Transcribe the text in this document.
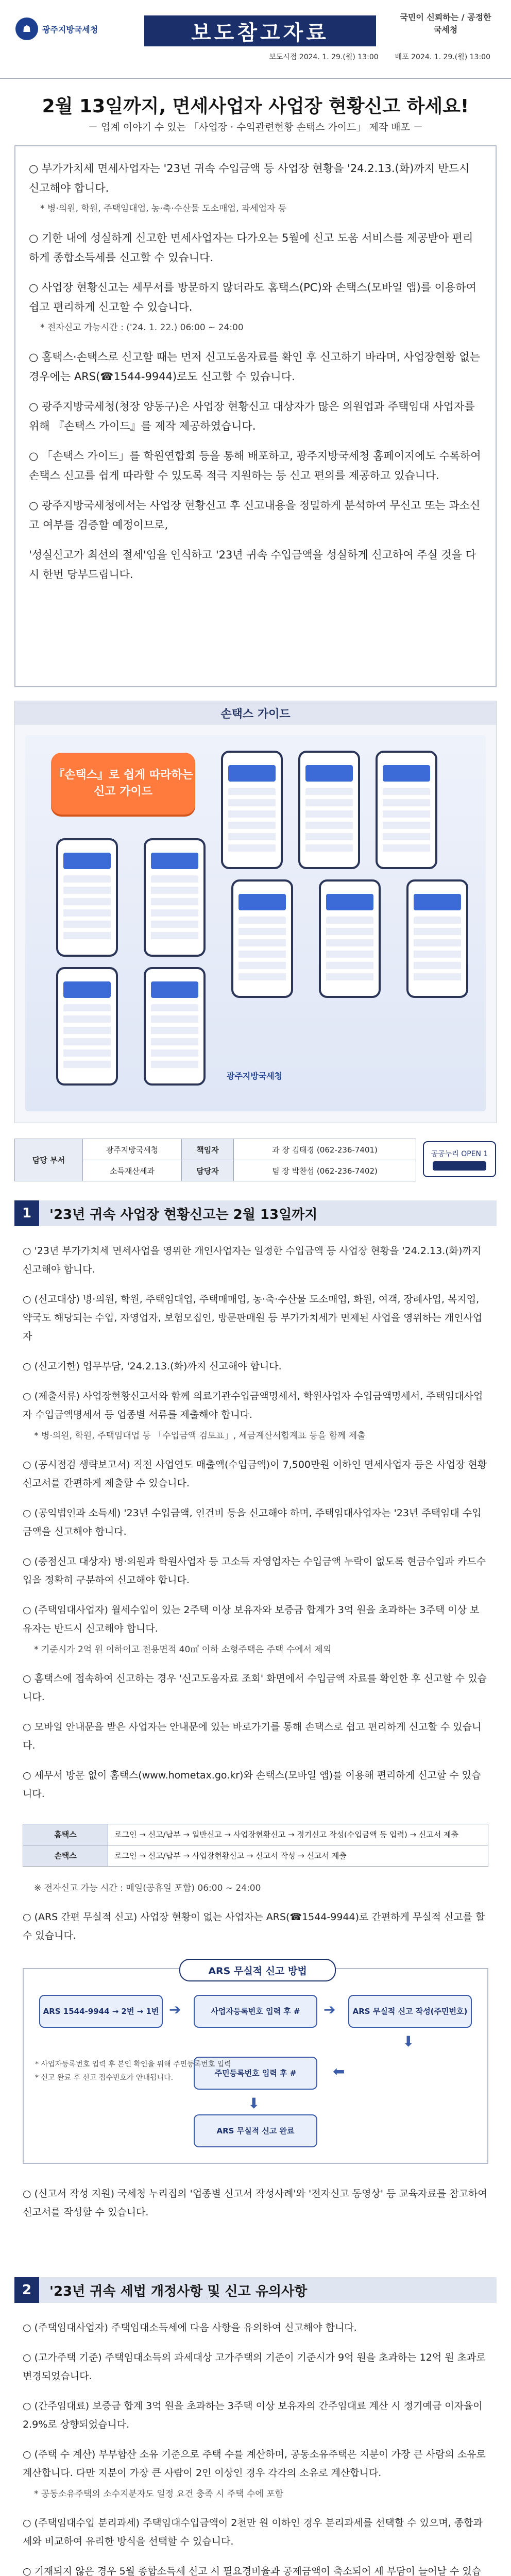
☗	광주지방국세청	보도참고자료
국민이 신뢰하는 / 공정한 국세청
보도시점 2024. 1. 29.(월) 13:00 배포 2024. 1. 29.(월) 13:00
2월 13일까지, 면세사업자 사업장 현황신고 하세요!
－ 업계 이야기 수 있는 「사업장 · 수익관련현황 손택스 가이드」 제작 배포 －

○ 부가가치세 면세사업자는 '23년 귀속 수입금액 등 사업장 현황을 '24.2.13.(화)까지 반드시 신고해야 합니다.

* 병·의원, 학원, 주택임대업, 농·축·수산물 도소매업, 과세업자 등

○ 기한 내에 성실하게 신고한 면세사업자는 다가오는 5월에 신고 도움 서비스를 제공받아 편리하게 종합소득세를 신고할 수 있습니다.

○ 사업장 현황신고는 세무서를 방문하지 않더라도 홈택스(PC)와 손택스(모바일 앱)를 이용하여 쉽고 편리하게 신고할 수 있습니다.

* 전자신고 가능시간 : ('24. 1. 22.) 06:00 ~ 24:00

○ 홈택스·손택스로 신고할 때는 먼저 신고도움자료를 확인 후 신고하기 바라며, 사업장현황 없는 경우에는 ARS(☎1544-9944)로도 신고할 수 있습니다.

○ 광주지방국세청(청장 양동구)은 사업장 현황신고 대상자가 많은 의원업과 주택임대 사업자를 위해 『손택스 가이드』를 제작 제공하였습니다.

○ 「손택스 가이드」를 학원연합회 등을 통해 배포하고, 광주지방국세청 홈페이지에도 수록하여 손택스 신고를 쉽게 따라할 수 있도록 적극 지원하는 등 신고 편의를 제공하고 있습니다.

○ 광주지방국세청에서는 사업장 현황신고 후 신고내용을 정밀하게 분석하여 무신고 또는 과소신고 여부를 검증할 예정이므로,

'성실신고가 최선의 절세'임을 인식하고 '23년 귀속 수입금액을 성실하게 신고하여 주실 것을 다시 한번 당부드립니다.

손택스 가이드
『손택스』로 쉽게 따라하는 신고 가이드
광주지방국세청
담당 부서	광주지방국세청	책임자	과 장 김태경 (062-236-7401)
	소득재산세과	담당자	팀 장 박찬섭 (062-236-7402)
공공누리 OPEN 1
1	'23년 귀속 사업장 현황신고는 2월 13일까지

○ '23년 부가가치세 면세사업을 영위한 개인사업자는 일정한 수입금액 등 사업장 현황을 '24.2.13.(화)까지 신고해야 합니다.

○ (신고대상) 병·의원, 학원, 주택임대업, 주택매매업, 농·축·수산물 도소매업, 화원, 여객, 장례사업, 복지업, 약국도 해당되는 수입, 자영업자, 보험모집인, 방문판매원 등 부가가치세가 면제된 사업을 영위하는 개인사업자

○ (신고기한) 업무부담, '24.2.13.(화)까지 신고해야 합니다.

○ (제출서류) 사업장현황신고서와 함께 의료기관수입금액명세서, 학원사업자 수입금액명세서, 주택임대사업자 수입금액명세서 등 업종별 서류를 제출해야 합니다.

* 병·의원, 학원, 주택임대업 등 「수입금액 검토표」, 세금계산서합계표 등을 함께 제출

○ (공시점검 생략보고서) 직전 사업연도 매출액(수입금액)이 7,500만원 이하인 면세사업자 등은 사업장 현황신고서를 간편하게 제출할 수 있습니다.

○ (공익법인과 소득세) '23년 수입금액, 인건비 등을 신고해야 하며, 주택임대사업자는 '23년 주택임대 수입금액을 신고해야 합니다.

○ (중점신고 대상자) 병·의원과 학원사업자 등 고소득 자영업자는 수입금액 누락이 없도록 현금수입과 카드수입을 정확히 구분하여 신고해야 합니다.

○ (주택임대사업자) 월세수입이 있는 2주택 이상 보유자와 보증금 합계가 3억 원을 초과하는 3주택 이상 보유자는 반드시 신고해야 합니다.

* 기준시가 2억 원 이하이고 전용면적 40㎡ 이하 소형주택은 주택 수에서 제외

○ 홈택스에 접속하여 신고하는 경우 '신고도움자료 조회' 화면에서 수입금액 자료를 확인한 후 신고할 수 있습니다.

○ 모바일 안내문을 받은 사업자는 안내문에 있는 바로가기를 통해 손택스로 쉽고 편리하게 신고할 수 있습니다.

○ 세무서 방문 없이 홈택스(www.hometax.go.kr)와 손택스(모바일 앱)를 이용해 편리하게 신고할 수 있습니다.

홈택스	로그인 → 신고/납부 → 일반신고 → 사업장현황신고 → 정기신고 작성(수입금액 등 입력) → 신고서 제출
손택스	로그인 → 신고/납부 → 사업장현황신고 → 신고서 작성 → 신고서 제출

※ 전자신고 가능 시간 : 매일(공휴일 포함) 06:00 ~ 24:00

○ (ARS 간편 무실적 신고) 사업장 현황이 없는 사업자는 ARS(☎1544-9944)로 간편하게 무실적 신고를 할 수 있습니다.

ARS 무실적 신고 방법
ARS 1544-9944 → 2번 → 1번 ➔	사업자등록번호 입력 후 #	➔	ARS 무실적 신고 작성(주민번호)
⬇
주민등록번호 입력 후 #	⬅
⬇
ARS 무실적 신고 완료
* 사업자등록번호 입력 후 본인 확인을 위해 주민등록번호 입력
* 신고 완료 후 신고 접수번호가 안내됩니다.

○ (신고서 작성 지원) 국세청 누리집의 '업종별 신고서 작성사례'와 '전자신고 동영상' 등 교육자료를 참고하여 신고서를 작성할 수 있습니다.

2	'23년 귀속 세법 개정사항 및 신고 유의사항

○ (주택임대사업자) 주택임대소득세에 다음 사항을 유의하여 신고해야 합니다.

○ (고가주택 기준) 주택임대소득의 과세대상 고가주택의 기준이 기준시가 9억 원을 초과하는 12억 원 초과로 변경되었습니다.

○ (간주임대료) 보증금 합계 3억 원을 초과하는 3주택 이상 보유자의 간주임대료 계산 시 정기예금 이자율이 2.9%로 상향되었습니다.

○ (주택 수 계산) 부부합산 소유 기준으로 주택 수를 계산하며, 공동소유주택은 지분이 가장 큰 사람의 소유로 계산합니다. 다만 지분이 가장 큰 사람이 2인 이상인 경우 각각의 소유로 계산합니다.

* 공동소유주택의 소수지분자도 일정 요건 충족 시 주택 수에 포함

○ (주택임대수입 분리과세) 주택임대수입금액이 2천만 원 이하인 경우 분리과세를 선택할 수 있으며, 종합과세와 비교하여 유리한 방식을 선택할 수 있습니다.

○ 기재되지 않은 경우 5월 종합소득세 신고 시 필요경비율과 공제금액이 축소되어 세 부담이 늘어날 수 있습
